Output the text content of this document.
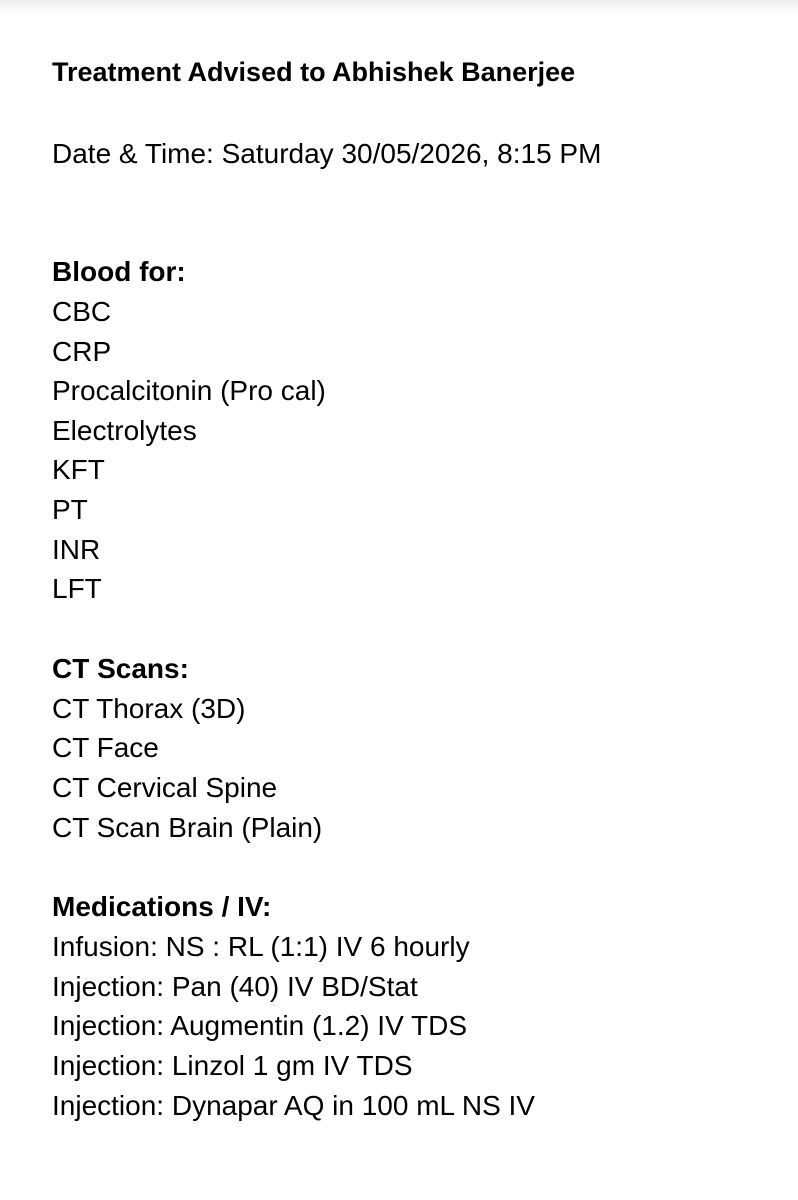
Treatment Advised to Abhishek Banerjee
Date & Time: Saturday 30/05/2026, 8:15 PM
Blood for:
CBC
CRP
Procalcitonin (Pro cal)
Electrolytes
KFT
PT
INR
LFT
CT Scans:
CT Thorax (3D)
CT Face
CT Cervical Spine
CT Scan Brain (Plain)
Medications / IV:
Infusion: NS : RL (1:1) IV 6 hourly
Injection: Pan (40) IV BD/Stat
Injection: Augmentin (1.2) IV TDS
Injection: Linzol 1 gm IV TDS
Injection: Dynapar AQ in 100 mL NS IV
